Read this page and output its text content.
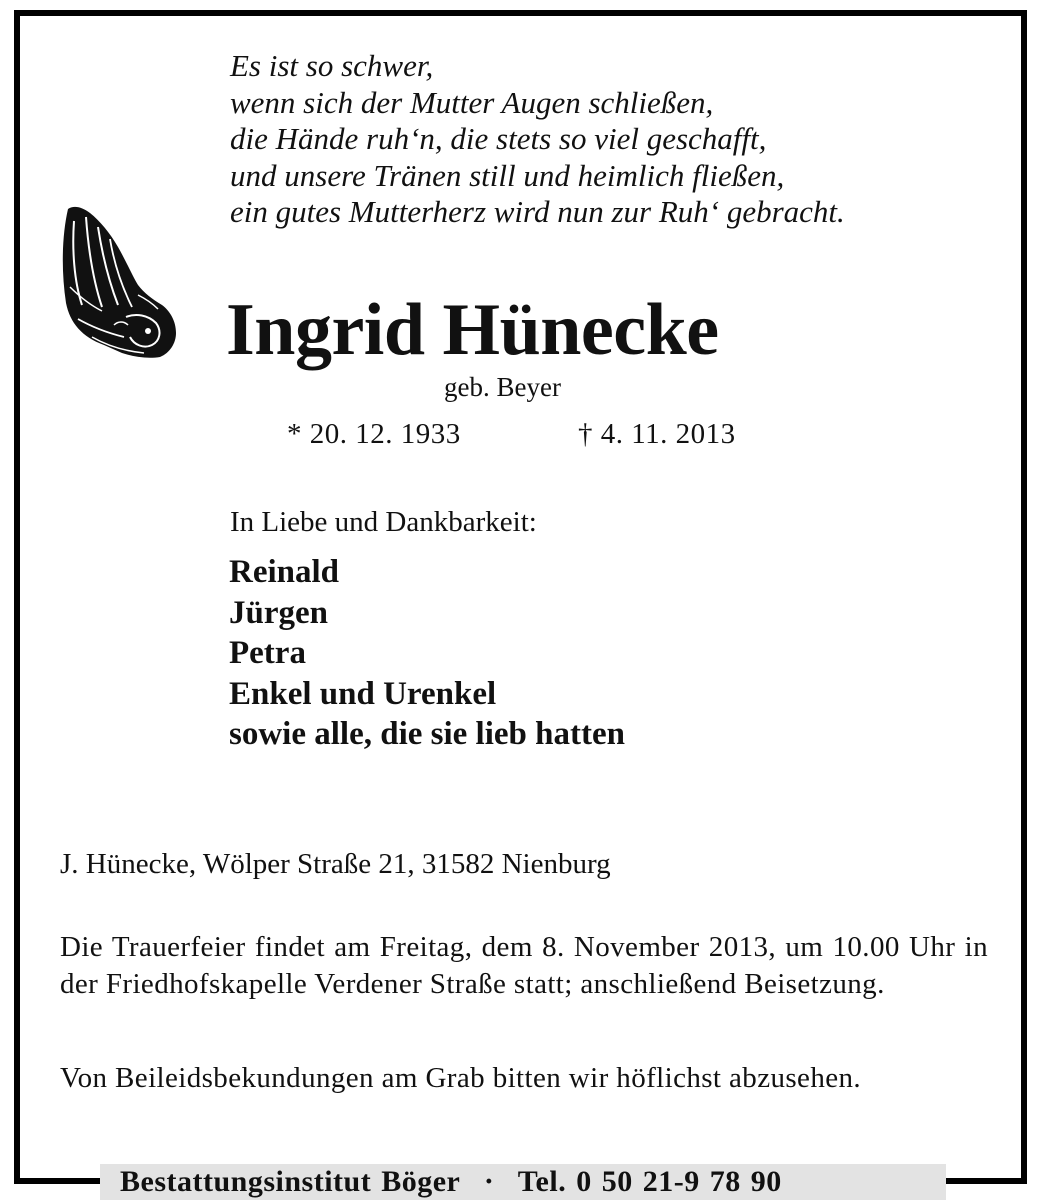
Es ist so schwer,
wenn sich der Mutter Augen schließen,
die Hände ruh‘n, die stets so viel geschafft,
und unsere Tränen still und heimlich fließen,
ein gutes Mutterherz wird nun zur Ruh‘ gebracht.
Ingrid Hünecke
geb. Beyer
* 20. 12. 1933	† 4. 11. 2013
In Liebe und Dankbarkeit:
Reinald
Jürgen
Petra
Enkel und Urenkel
sowie alle, die sie lieb hatten
J. Hünecke, Wölper Straße 21, 31582 Nienburg
Die Trauerfeier findet am Freitag, dem 8. November 2013, um 10.00 Uhr in der Friedhofskapelle Verdener Straße statt; anschließend Beisetzung.
Von Beileidsbekundungen am Grab bitten wir höflichst abzusehen.
Bestattungsinstitut Böger · Tel. 0 50 21-9 78 90
